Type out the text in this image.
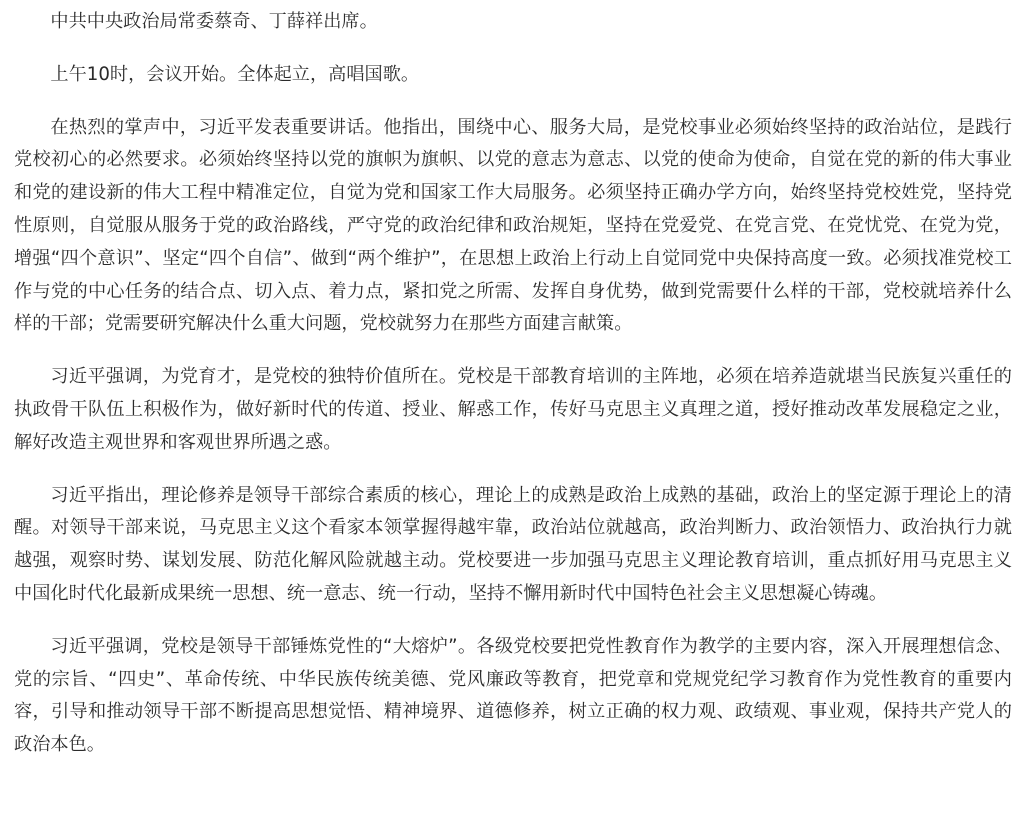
中共中央政治局常委蔡奇、丁薛祥出席。

上午10时，会议开始。全体起立，高唱国歌。

在热烈的掌声中，习近平发表重要讲话。他指出，围绕中心、服务大局，是党校事业必须始终坚持的政治站位，是践行党校初心的必然要求。必须始终坚持以党的旗帜为旗帜、以党的意志为意志、以党的使命为使命，自觉在党的新的伟大事业和党的建设新的伟大工程中精准定位，自觉为党和国家工作大局服务。必须坚持正确办学方向，始终坚持党校姓党，坚持党性原则，自觉服从服务于党的政治路线，严守党的政治纪律和政治规矩，坚持在党爱党、在党言党、在党忧党、在党为党，增强“四个意识”、坚定“四个自信”、做到“两个维护”，在思想上政治上行动上自觉同党中央保持高度一致。必须找准党校工作与党的中心任务的结合点、切入点、着力点，紧扣党之所需、发挥自身优势，做到党需要什么样的干部，党校就培养什么样的干部；党需要研究解决什么重大问题，党校就努力在那些方面建言献策。

习近平强调，为党育才，是党校的独特价值所在。党校是干部教育培训的主阵地，必须在培养造就堪当民族复兴重任的执政骨干队伍上积极作为，做好新时代的传道、授业、解惑工作，传好马克思主义真理之道，授好推动改革发展稳定之业，解好改造主观世界和客观世界所遇之惑。

习近平指出，理论修养是领导干部综合素质的核心，理论上的成熟是政治上成熟的基础，政治上的坚定源于理论上的清醒。对领导干部来说，马克思主义这个看家本领掌握得越牢靠，政治站位就越高，政治判断力、政治领悟力、政治执行力就越强，观察时势、谋划发展、防范化解风险就越主动。党校要进一步加强马克思主义理论教育培训，重点抓好用马克思主义中国化时代化最新成果统一思想、统一意志、统一行动，坚持不懈用新时代中国特色社会主义思想凝心铸魂。

习近平强调，党校是领导干部锤炼党性的“大熔炉”。各级党校要把党性教育作为教学的主要内容，深入开展理想信念、党的宗旨、“四史”、革命传统、中华民族传统美德、党风廉政等教育，把党章和党规党纪学习教育作为党性教育的重要内容，引导和推动领导干部不断提高思想觉悟、精神境界、道德修养，树立正确的权力观、政绩观、事业观，保持共产党人的政治本色。
